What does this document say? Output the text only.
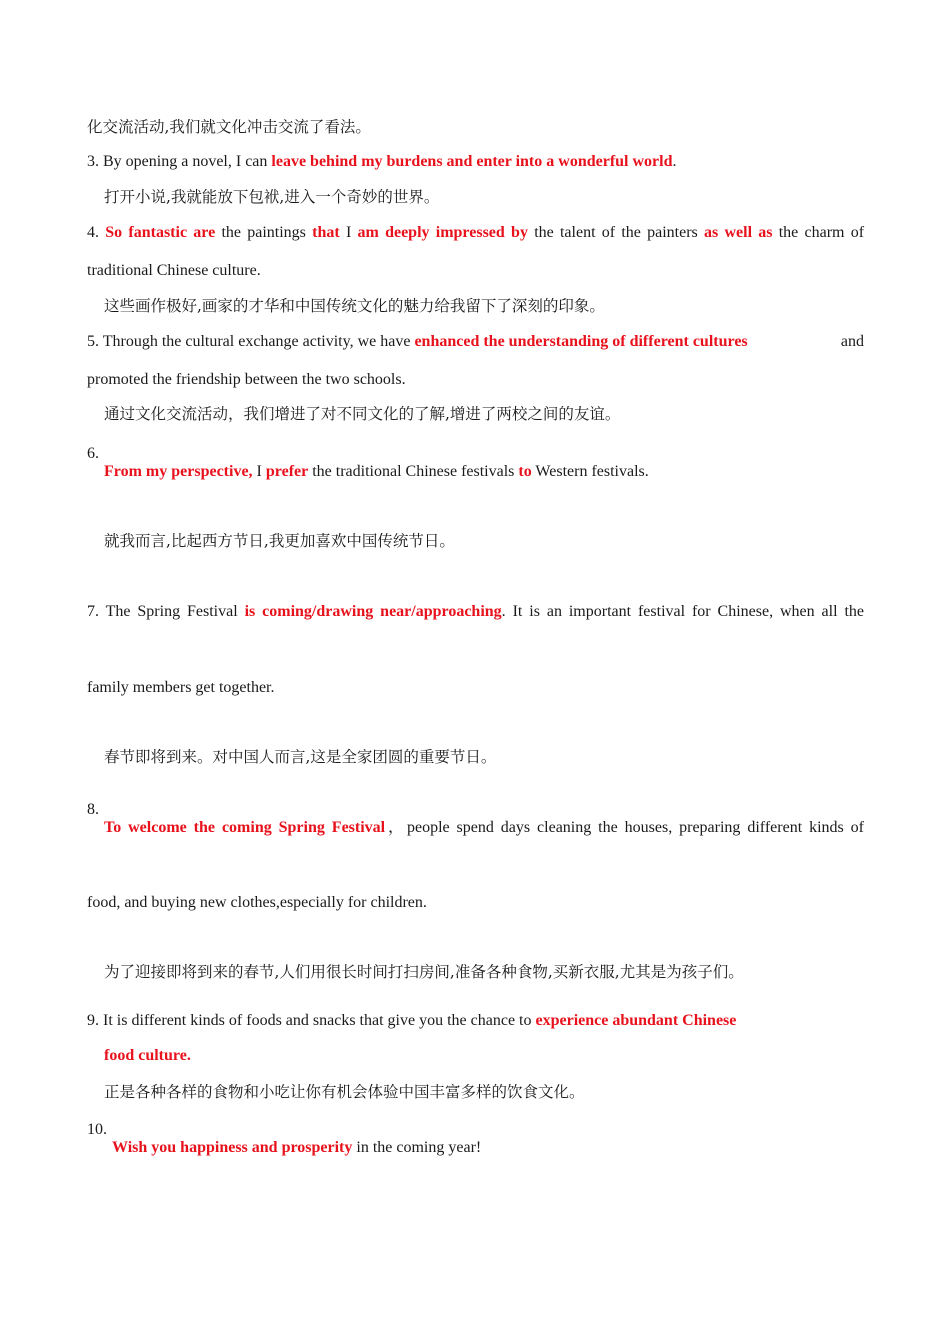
化交流活动,我们就文化冲击交流了看法。
3. By opening a novel, I can leave behind my burdens and enter into a wonderful world.
打开小说,我就能放下包袱,进入一个奇妙的世界。
4. So fantastic are the paintings that I am deeply impressed by the talent of the painters as well as the charm of
traditional Chinese culture.
这些画作极好,画家的才华和中国传统文化的魅力给我留下了深刻的印象。
5. Through the cultural exchange activity, we have enhanced the understanding of different cultures	and
promoted the friendship between the two schools.
通过文化交流活动，我们增进了对不同文化的了解,增进了两校之间的友谊。
6.
From my perspective, I prefer the traditional Chinese festivals to Western festivals.
就我而言,比起西方节日,我更加喜欢中国传统节日。
7. The Spring Festival is coming/drawing near/approaching. It is an important festival for Chinese, when all the
family members get together.
春节即将到来。对中国人而言,这是全家团圆的重要节日。
8.
To welcome the coming Spring Festival，people spend days cleaning the houses, preparing different kinds of
food, and buying new clothes,especially for children.
为了迎接即将到来的春节,人们用很长时间打扫房间,准备各种食物,买新衣服,尤其是为孩子们。
9. It is different kinds of foods and snacks that give you the chance to experience abundant Chinese
food culture.
正是各种各样的食物和小吃让你有机会体验中国丰富多样的饮食文化。
10.
Wish you happiness and prosperity in the coming year!
